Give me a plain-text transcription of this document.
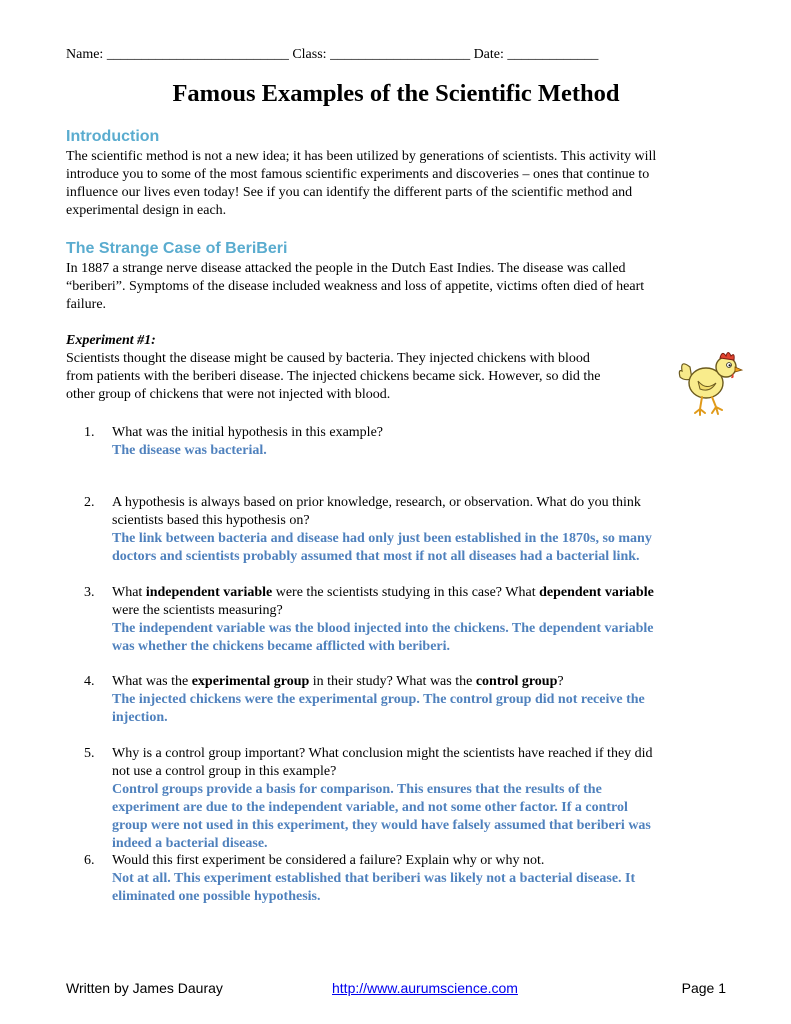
Name: __________________________ Class: ____________________ Date: _____________
Famous Examples of the Scientific Method
Introduction
The scientific method is not a new idea; it has been utilized by generations of scientists. This activity will
introduce you to some of the most famous scientific experiments and discoveries – ones that continue to
influence our lives even today! See if you can identify the different parts of the scientific method and
experimental design in each.
The Strange Case of BeriBeri
In 1887 a strange nerve disease attacked the people in the Dutch East Indies. The disease was called
“beriberi”. Symptoms of the disease included weakness and loss of appetite, victims often died of heart
failure.
Experiment #1:
Scientists thought the disease might be caused by bacteria. They injected chickens with blood
from patients with the beriberi disease. The injected chickens became sick. However, so did the
other group of chickens that were not injected with blood.
1. What was the initial hypothesis in this example?
The disease was bacterial.
2. A hypothesis is always based on prior knowledge, research, or observation. What do you think
scientists based this hypothesis on?
The link between bacteria and disease had only just been established in the 1870s, so many
doctors and scientists probably assumed that most if not all diseases had a bacterial link.
3. What independent variable were the scientists studying in this case? What dependent variable
were the scientists measuring?
The independent variable was the blood injected into the chickens. The dependent variable
was whether the chickens became afflicted with beriberi.
4. What was the experimental group in their study? What was the control group?
The injected chickens were the experimental group. The control group did not receive the
injection.
5. Why is a control group important? What conclusion might the scientists have reached if they did
not use a control group in this example?
Control groups provide a basis for comparison. This ensures that the results of the
experiment are due to the independent variable, and not some other factor. If a control
group were not used in this experiment, they would have falsely assumed that beriberi was
indeed a bacterial disease.
6. Would this first experiment be considered a failure? Explain why or why not.
Not at all. This experiment established that beriberi was likely not a bacterial disease. It
eliminated one possible hypothesis.
Written by James Dauray	http://www.aurumscience.com	Page 1
